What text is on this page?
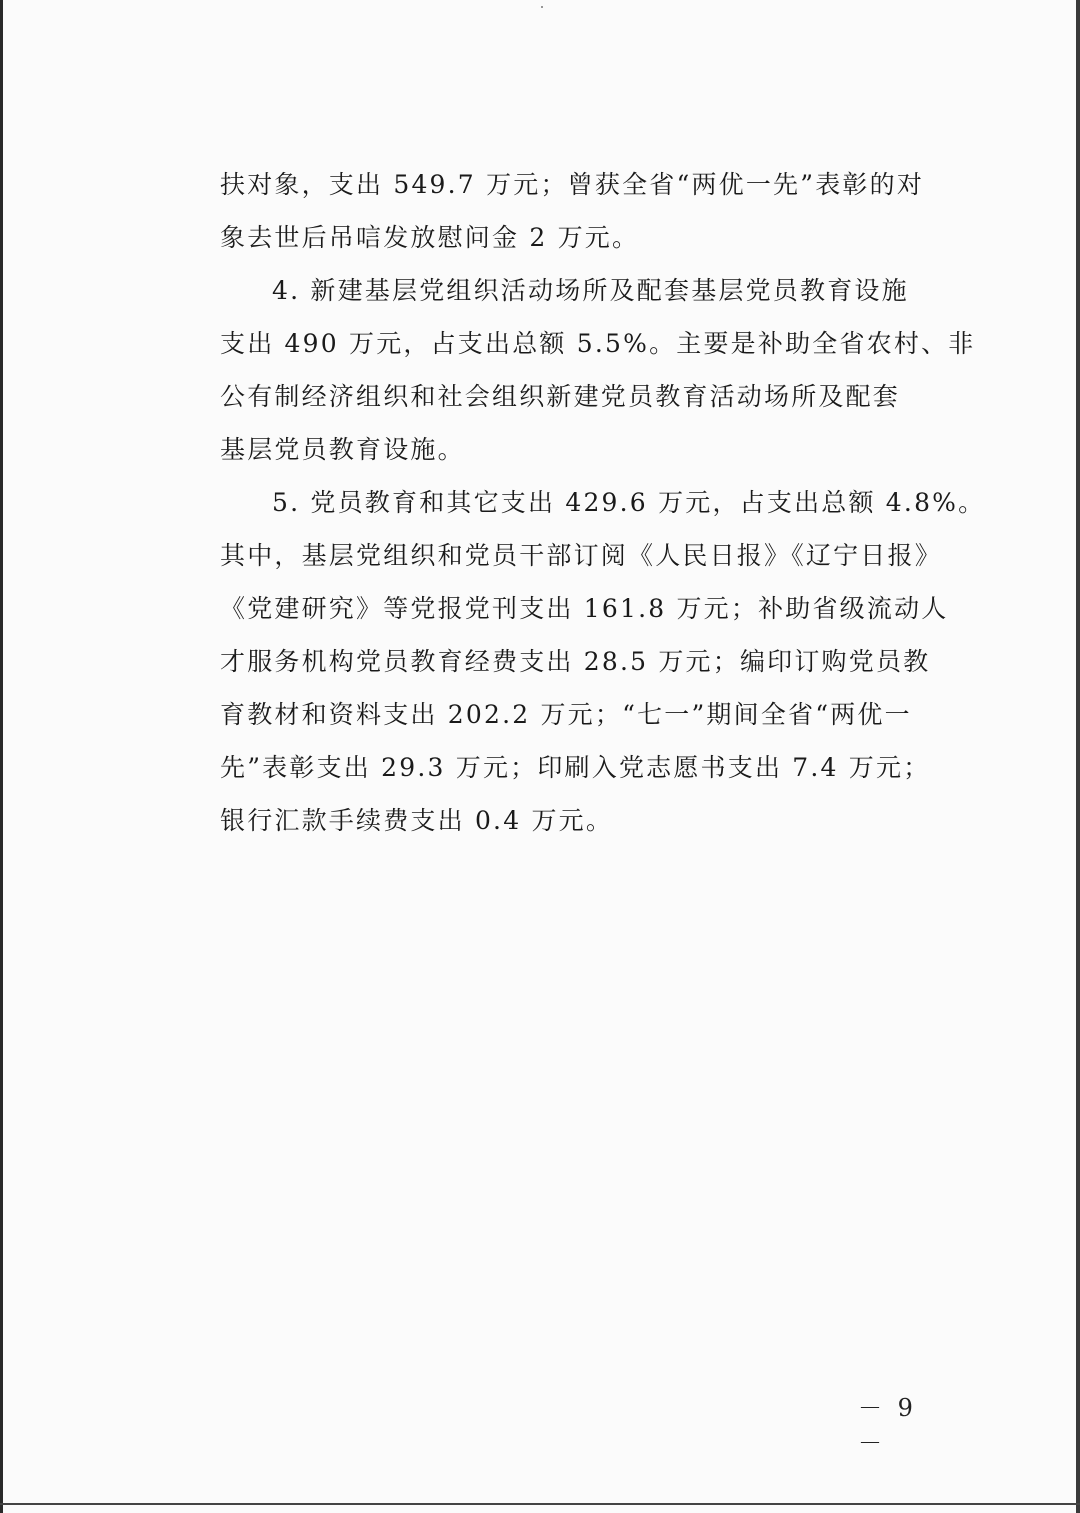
扶对象，支出 549.7 万元；曾获全省“两优一先”表彰的对
象去世后吊唁发放慰问金 2 万元。
4. 新建基层党组织活动场所及配套基层党员教育设施
支出 490 万元，占支出总额 5.5%。主要是补助全省农村、非
公有制经济组织和社会组织新建党员教育活动场所及配套
基层党员教育设施。
5. 党员教育和其它支出 429.6 万元，占支出总额 4.8%。
其中，基层党组织和党员干部订阅《人民日报》《辽宁日报》
《党建研究》等党报党刊支出 161.8 万元；补助省级流动人
才服务机构党员教育经费支出 28.5 万元；编印订购党员教
育教材和资料支出 202.2 万元；“七一”期间全省“两优一
先”表彰支出 29.3 万元；印刷入党志愿书支出 7.4 万元；
银行汇款手续费支出 0.4 万元。
－ 9 －
